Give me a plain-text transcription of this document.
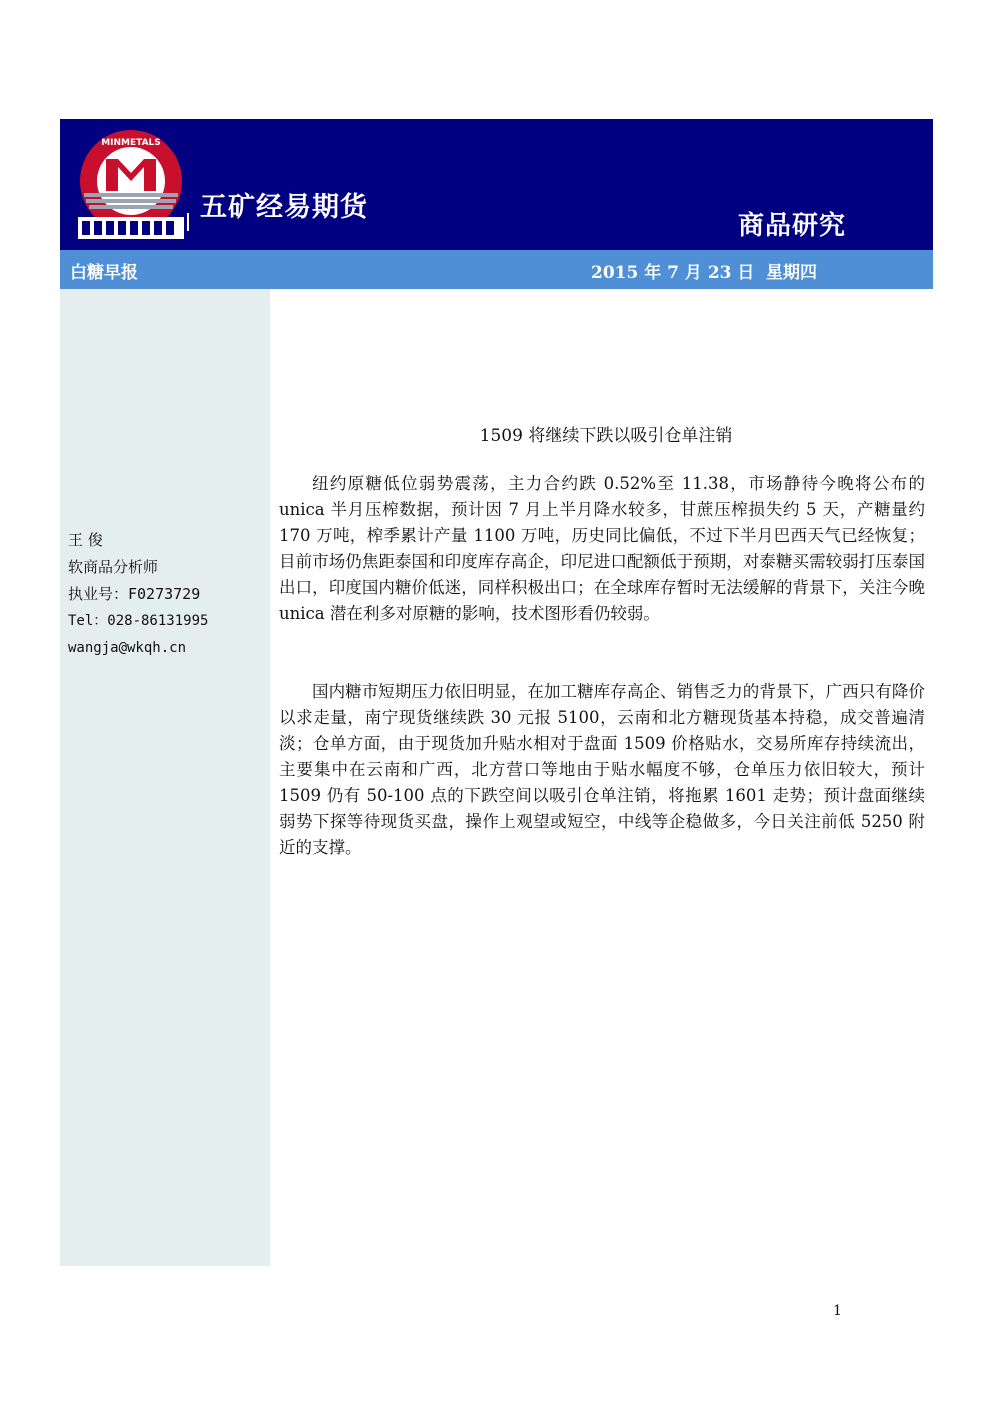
MINMETALS
五矿经易期货
商品研究
白糖早报	2015 年 7 月 23 日 星期四
王 俊
软商品分析师
执业号：F0273729
Tel：028-86131995
wangja@wkqh.cn
1509 将继续下跌以吸引仓单注销

纽约原糖低位弱势震荡，主力合约跌 0.52%至 11.38，市场静待今晚将公布的 unica 半月压榨数据，预计因 7 月上半月降水较多，甘蔗压榨损失约 5 天，产糖量约 170 万吨，榨季累计产量 1100 万吨，历史同比偏低，不过下半月巴西天气已经恢复；目前市场仍焦距泰国和印度库存高企，印尼进口配额低于预期，对泰糖买需较弱打压泰国出口，印度国内糖价低迷，同样积极出口；在全球库存暂时无法缓解的背景下，关注今晚 unica 潜在利多对原糖的影响，技术图形看仍较弱。

国内糖市短期压力依旧明显，在加工糖库存高企、销售乏力的背景下，广西只有降价以求走量，南宁现货继续跌 30 元报 5100，云南和北方糖现货基本持稳，成交普遍清淡；仓单方面，由于现货加升贴水相对于盘面 1509 价格贴水，交易所库存持续流出，主要集中在云南和广西，北方营口等地由于贴水幅度不够，仓单压力依旧较大，预计 1509 仍有 50-100 点的下跌空间以吸引仓单注销，将拖累 1601 走势；预计盘面继续弱势下探等待现货买盘，操作上观望或短空，中线等企稳做多，今日关注前低 5250 附近的支撑。

1
